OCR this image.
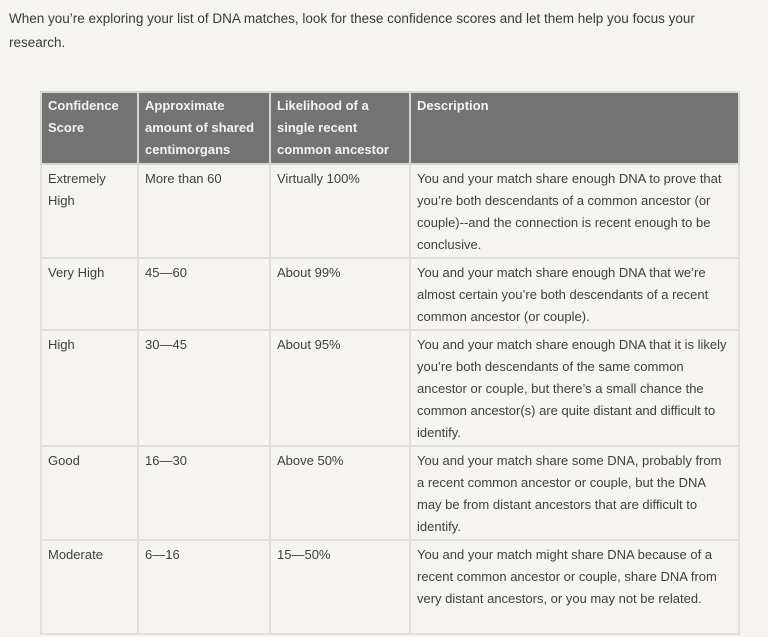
When you’re exploring your list of DNA matches, look for these confidence scores and let them help you focus your research.

Confidence Score	Approximate amount of shared centimorgans	Likelihood of a single recent common ancestor	Description
Extremely High	More than 60	Virtually 100%	You and your match share enough DNA to prove that you’re both descendants of a common ancestor (or couple)--and the connection is recent enough to be conclusive.
Very High	45—60	About 99%	You and your match share enough DNA that we’re almost certain you’re both descendants of a recent common ancestor (or couple).
High	30—45	About 95%	You and your match share enough DNA that it is likely you’re both descendants of the same common ancestor or couple, but there’s a small chance the common ancestor(s) are quite distant and difficult to identify.
Good	16—30	Above 50%	You and your match share some DNA, probably from a recent common ancestor or couple, but the DNA may be from distant ancestors that are difficult to identify.
Moderate	6—16	15—50%	You and your match might share DNA because of a recent common ancestor or couple, share DNA from very distant ancestors, or you may not be related.
